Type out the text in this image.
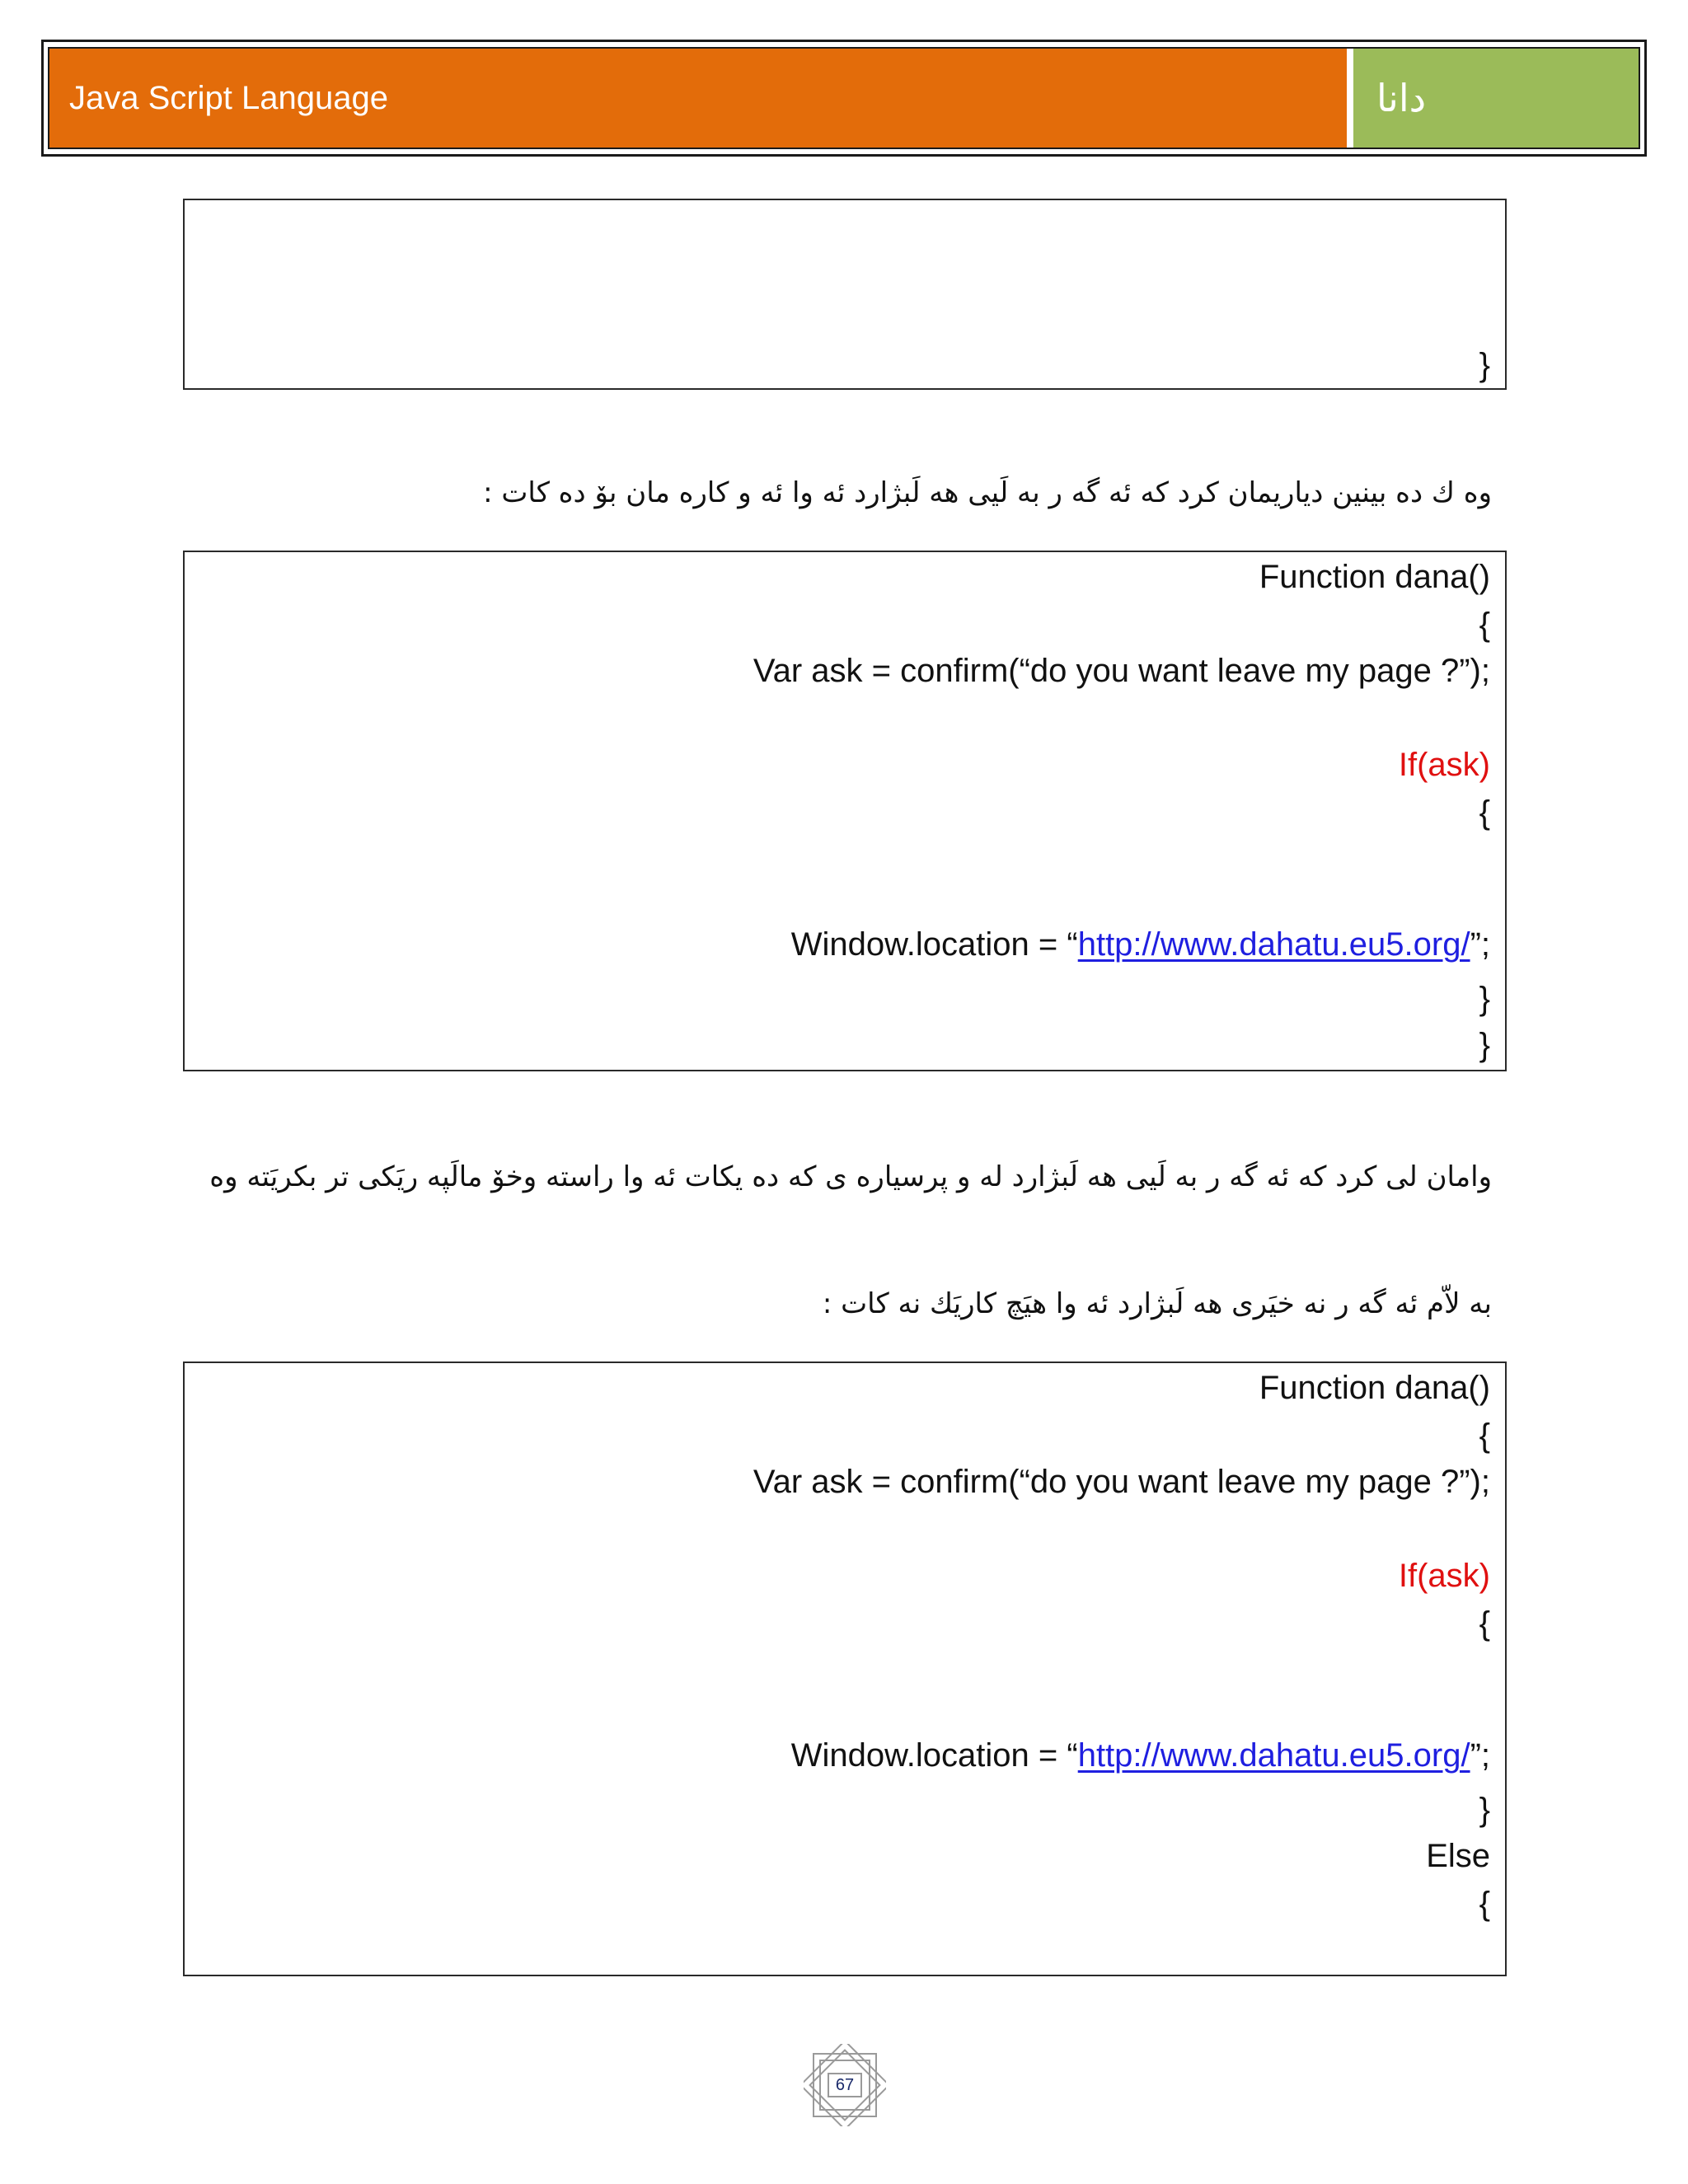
Java Script Language	دانا
}
وه ك ده بينين دياريمان كرد كه ئه گه ر به لَيى هه لَبژارد ئه وا ئه و كاره مان بۆ ده كات :
Function dana()
{
Var ask = confirm(“do you want leave my page ?”);
If(ask)
{

Window.location = “http://www.dahatu.eu5.org/”;

}
}
وامان لی كرد كه ئه گه ر به لَيى هه لَبژارد له و پرسياره ی كه ده يكات ئه وا راسته وخۆ مالَپه ريَكى تر بكريَته وه
به لاّم ئه گه ر نه خيَرى هه لَبژارد ئه وا هيَچ كاريَك نه كات :
Function dana()
{
Var ask = confirm(“do you want leave my page ?”);
If(ask)
{

Window.location = “http://www.dahatu.eu5.org/”;

}
Else
{
67
